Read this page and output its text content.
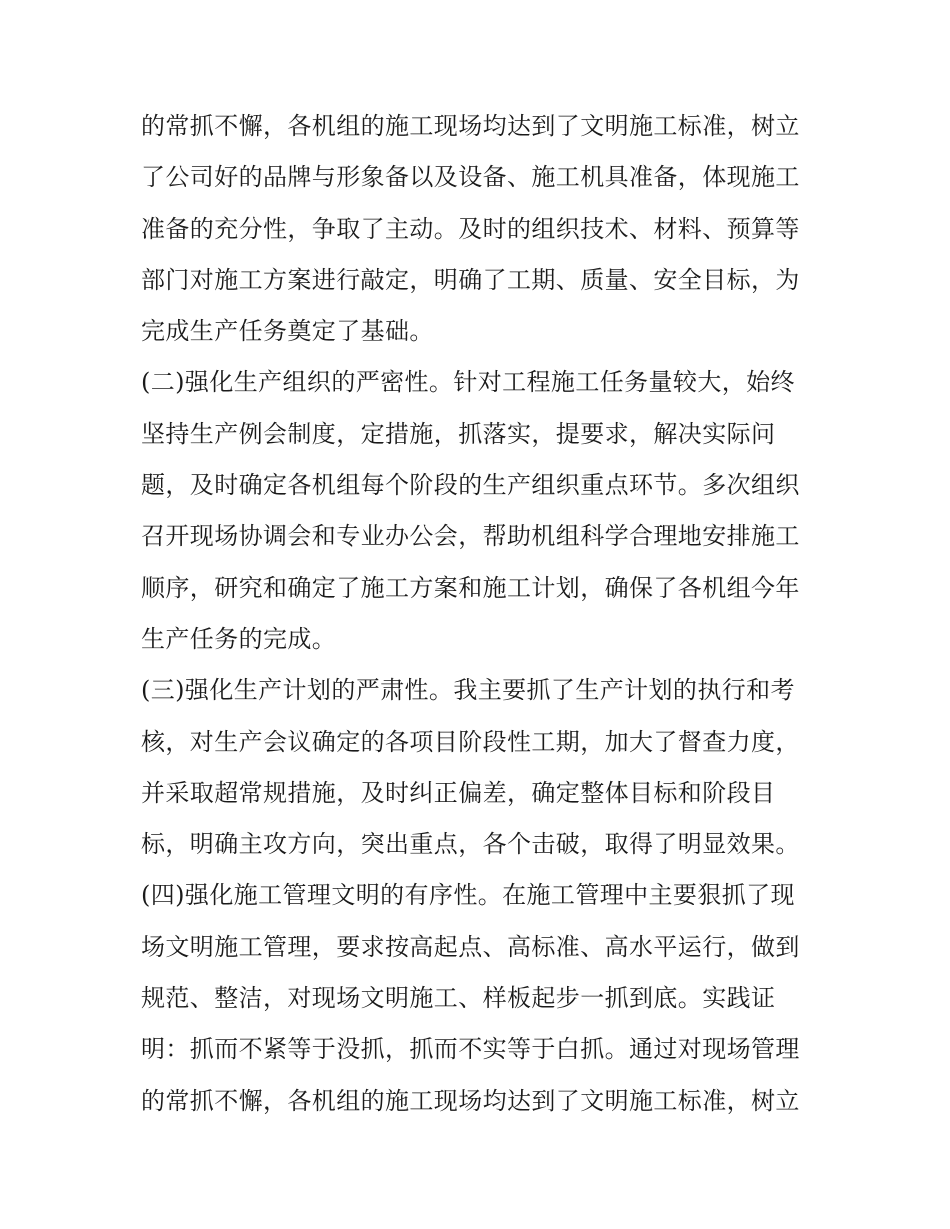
的常抓不懈，各机组的施工现场均达到了文明施工标准，树立
了公司好的品牌与形象备以及设备、施工机具准备，体现施工
准备的充分性，争取了主动。及时的组织技术、材料、预算等
部门对施工方案进行敲定，明确了工期、质量、安全目标，为
完成生产任务奠定了基础。
(二)强化生产组织的严密性。针对工程施工任务量较大，始终
坚持生产例会制度，定措施，抓落实，提要求，解决实际问
题，及时确定各机组每个阶段的生产组织重点环节。多次组织
召开现场协调会和专业办公会，帮助机组科学合理地安排施工
顺序，研究和确定了施工方案和施工计划，确保了各机组今年
生产任务的完成。
(三)强化生产计划的严肃性。我主要抓了生产计划的执行和考
核，对生产会议确定的各项目阶段性工期，加大了督查力度，
并采取超常规措施，及时纠正偏差，确定整体目标和阶段目
标，明确主攻方向，突出重点，各个击破，取得了明显效果。
(四)强化施工管理文明的有序性。在施工管理中主要狠抓了现
场文明施工管理，要求按高起点、高标准、高水平运行，做到
规范、整洁，对现场文明施工、样板起步一抓到底。实践证
明：抓而不紧等于没抓，抓而不实等于白抓。通过对现场管理
的常抓不懈，各机组的施工现场均达到了文明施工标准，树立
